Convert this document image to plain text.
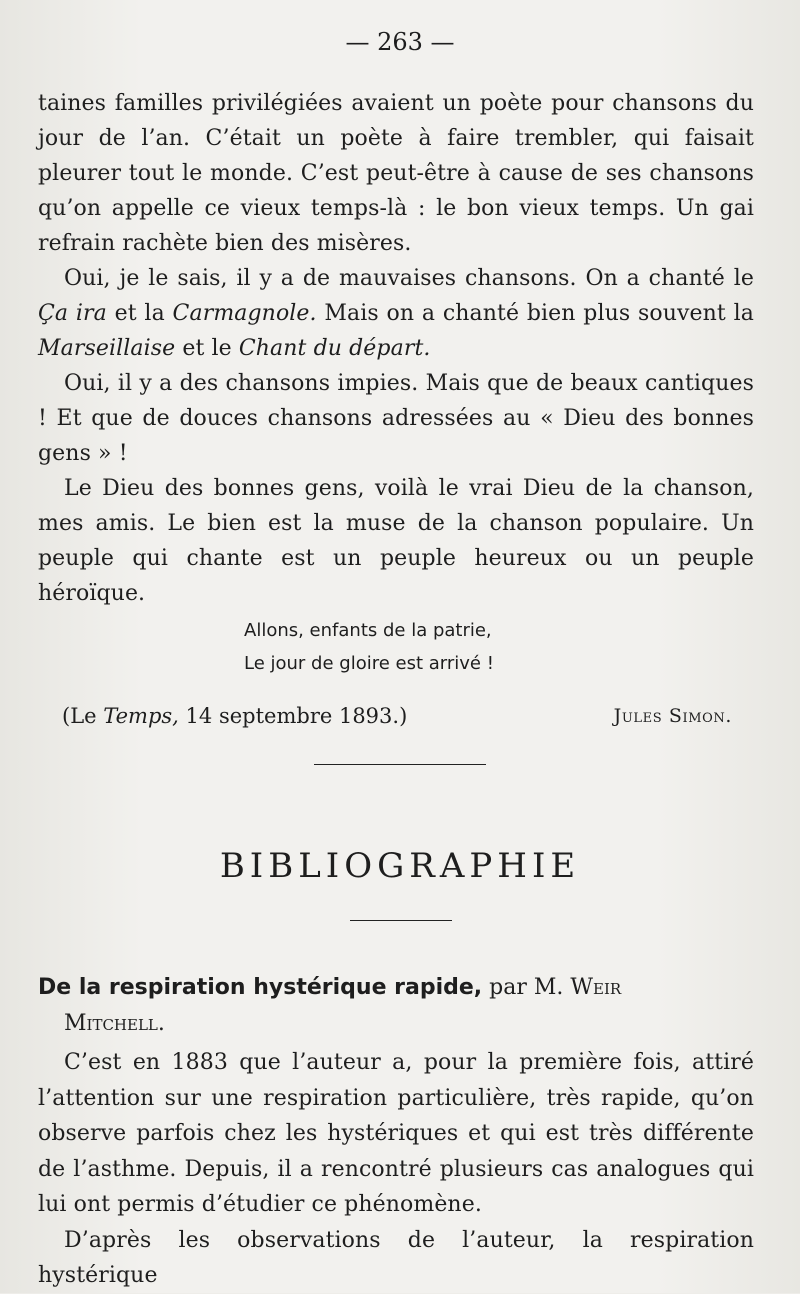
— 263 —

taines familles privilégiées avaient un poète pour chansons du jour de l’an. C’était un poète à faire trembler, qui faisait pleurer tout le monde. C’est peut-être à cause de ses chansons qu’on appelle ce vieux temps-là : le bon vieux temps. Un gai refrain rachète bien des misères.

Oui, je le sais, il y a de mauvaises chansons. On a chanté le Ça ira et la Carmagnole. Mais on a chanté bien plus souvent la Marseillaise et le Chant du départ.

Oui, il y a des chansons impies. Mais que de beaux cantiques ! Et que de douces chansons adressées au « Dieu des bonnes gens » !

Le Dieu des bonnes gens, voilà le vrai Dieu de la chanson, mes amis. Le bien est la muse de la chanson populaire. Un peuple qui chante est un peuple heureux ou un peuple héroïque.

Allons, enfants de la patrie,
Le jour de gloire est arrivé !
(Le Temps, 14 septembre 1893.)	Jules Simon.
BIBLIOGRAPHIE
De la respiration hystérique rapide, par M. Weir
Mitchell.

C’est en 1883 que l’auteur a, pour la première fois, attiré l’attention sur une respiration particulière, très rapide, qu’on observe parfois chez les hystériques et qui est très différente de l’asthme. Depuis, il a rencontré plusieurs cas analogues qui lui ont permis d’étudier ce phénomène.

D’après les observations de l’auteur, la respiration hystérique
